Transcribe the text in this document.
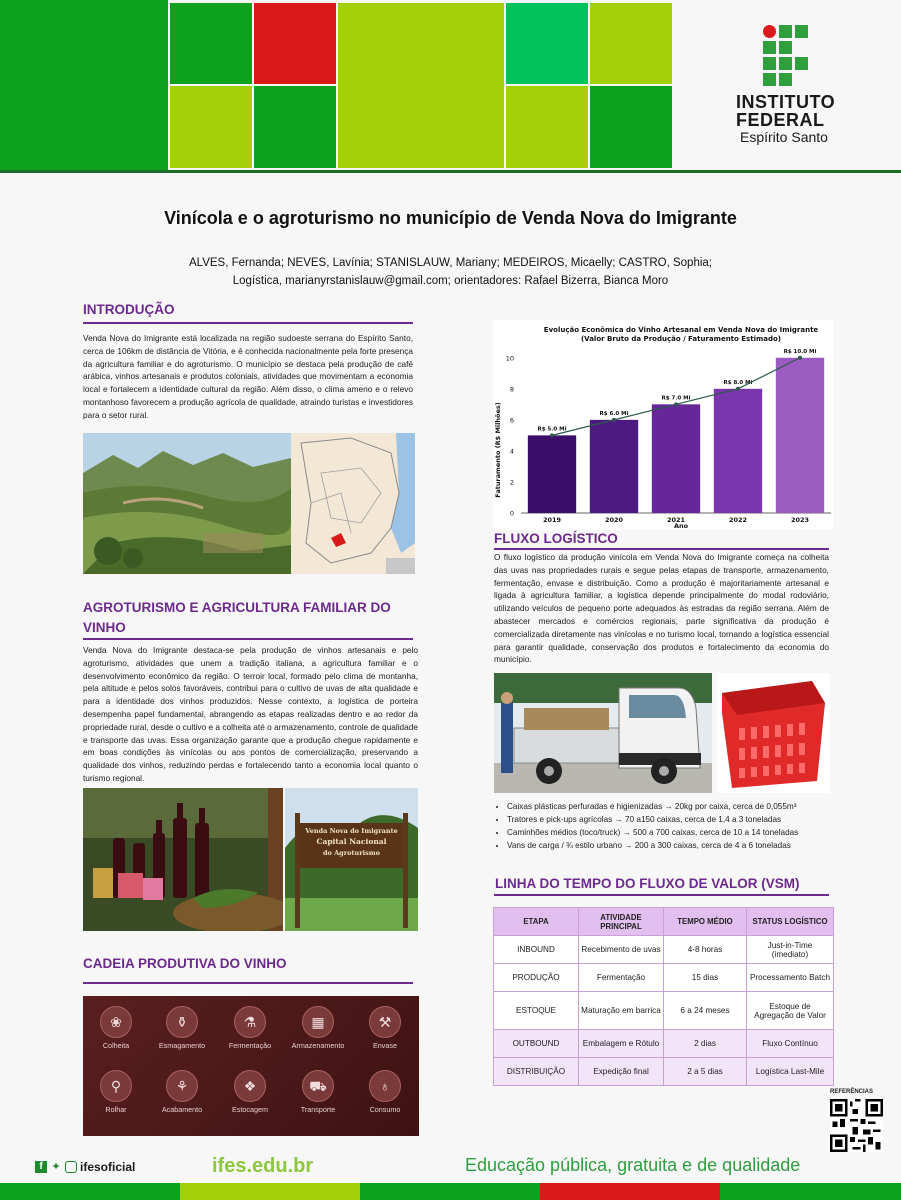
INSTITUTO
FEDERAL
Espírito Santo
Vinícola e o agroturismo no município de Venda Nova do Imigrante
ALVES, Fernanda; NEVES, Lavínia; STANISLAUW, Mariany; MEDEIROS, Micaelly; CASTRO, Sophia;
Logística, marianyrstanislauw@gmail.com; orientadores: Rafael Bizerra, Bianca Moro
INTRODUÇÃO
Venda Nova do Imigrante está localizada na região sudoeste serrana do Espírito Santo, cerca de 106km de distância de Vitória, e é conhecida nacionalmente pela forte presença da agricultura familiar e do agroturismo. O município se destaca pela produção de café arábica, vinhos artesanais e produtos coloniais, atividades que movimentam a economia local e fortalecem a identidade cultural da região. Além disso, o clima ameno e o relevo montanhoso favorecem a produção agrícola de qualidade, atraindo turistas e investidores para o setor rural.
AGROTURISMO E AGRICULTURA FAMILIAR DO
VINHO
Venda Nova do Imigrante destaca-se pela produção de vinhos artesanais e pelo agroturismo, atividades que unem a tradição italiana, a agricultura familiar e o desenvolvimento econômico da região. O terroir local, formado pelo clima de montanha, pela altitude e pelos solos favoráveis, contribui para o cultivo de uvas de alta qualidade e para a identidade dos vinhos produzidos. Nesse contexto, a logística de porteira desempenha papel fundamental, abrangendo as etapas realizadas dentro e ao redor da propriedade rural, desde o cultivo e a colheita até o armazenamento, controle de qualidade e transporte das uvas. Essa organização garante que a produção chegue rapidamente e em boas condições às vinícolas ou aos pontos de comercialização, preservando a qualidade dos vinhos, reduzindo perdas e fortalecendo tanto a economia local quanto o turismo regional.
Venda Nova do Imigrante
Capital Nacional
do Agroturismo
CADEIA PRODUTIVA DO VINHO
❀
Colheita
⚱
Esmagamento
⚗
Fermentação
▦
Armazenamento
⚒
Envase
⚲
Rolhar
⚘
Acabamento
❖
Estocagem
⛟
Transporte
♁
Consumo
Evolução Econômica do Vinho Artesanal em Venda Nova do Imigrante
(Valor Bruto da Produção / Faturamento Estimado)
Faturamento (R$ Milhões)
Ano
0
2
4
6
8
10
R$ 5.0 Mi
2019
R$ 6.0 Mi
2020
R$ 7.0 Mi
2021
R$ 8.0 Mi
2022
R$ 10.0 Mi
2023
FLUXO LOGÍSTICO
O fluxo logístico da produção vinícola em Venda Nova do Imigrante começa na colheita das uvas nas propriedades rurais e segue pelas etapas de transporte, armazenamento, fermentação, envase e distribuição. Como a produção é majoritariamente artesanal e ligada à agricultura familiar, a logística depende principalmente do modal rodoviário, utilizando veículos de pequeno porte adequados às estradas da região serrana. Além de abastecer mercados e comércios regionais, parte significativa da produção é comercializada diretamente nas vinícolas e no turismo local, tornando a logística essencial para garantir qualidade, conservação dos produtos e fortalecimento da economia do município.
• Caixas plásticas perfuradas e higienizadas → 20kg por caixa, cerca de 0,055m³
• Tratores e pick-ups agrícolas → 70 a150 caixas, cerca de 1,4 a 3 toneladas
• Caminhões médios (toco/truck) → 500 a 700 caixas, cerca de 10 a 14 toneladas
• Vans de carga / ¾ estilo urbano → 200 a 300 caixas, cerca de 4 a 6 toneladas
LINHA DO TEMPO DO FLUXO DE VALOR (VSM)
ETAPA	ATIVIDADE PRINCIPAL	TEMPO MÉDIO	STATUS LOGÍSTICO
INBOUND	Recebimento de uvas	4-8 horas	Just-in-Time (imediato)
PRODUÇÃO	Fermentação	15 dias	Processamento Batch
ESTOQUE	Maturação em barrica	6 a 24 meses	Estoque de Agregação de Valor
OUTBOUND	Embalagem e Rótulo	2 dias	Fluxo Contínuo
DISTRIBUIÇÃO	Expedição final	2 a 5 dias	Logística Last-Mile
REFERÊNCIAS
f ✦ ifesoficial	ifes.edu.br	Educação pública, gratuita e de qualidade
